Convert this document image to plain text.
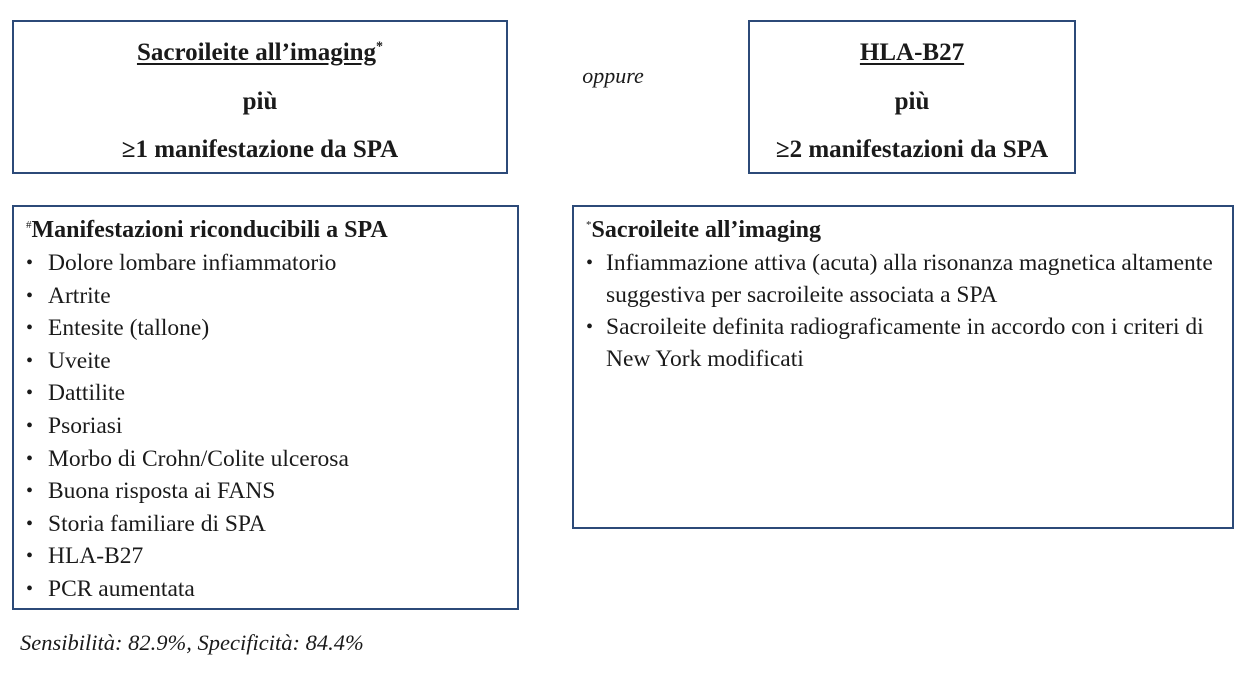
Sacroileite all’imaging*
più
≥1 manifestazione da SPA
oppure
HLA-B27
più
≥2 manifestazioni da SPA
#Manifestazioni riconducibili a SPA
• Dolore lombare infiammatorio
• Artrite
• Entesite (tallone)
• Uveite
• Dattilite
• Psoriasi
• Morbo di Crohn/Colite ulcerosa
• Buona risposta ai FANS
• Storia familiare di SPA
• HLA-B27
• PCR aumentata
*Sacroileite all’imaging
• Infiammazione attiva (acuta) alla risonanza magnetica altamente suggestiva per sacroileite associata a SPA
• Sacroileite definita radiograficamente in accordo con i criteri di New York modificati
Sensibilità: 82.9%, Specificità: 84.4%
